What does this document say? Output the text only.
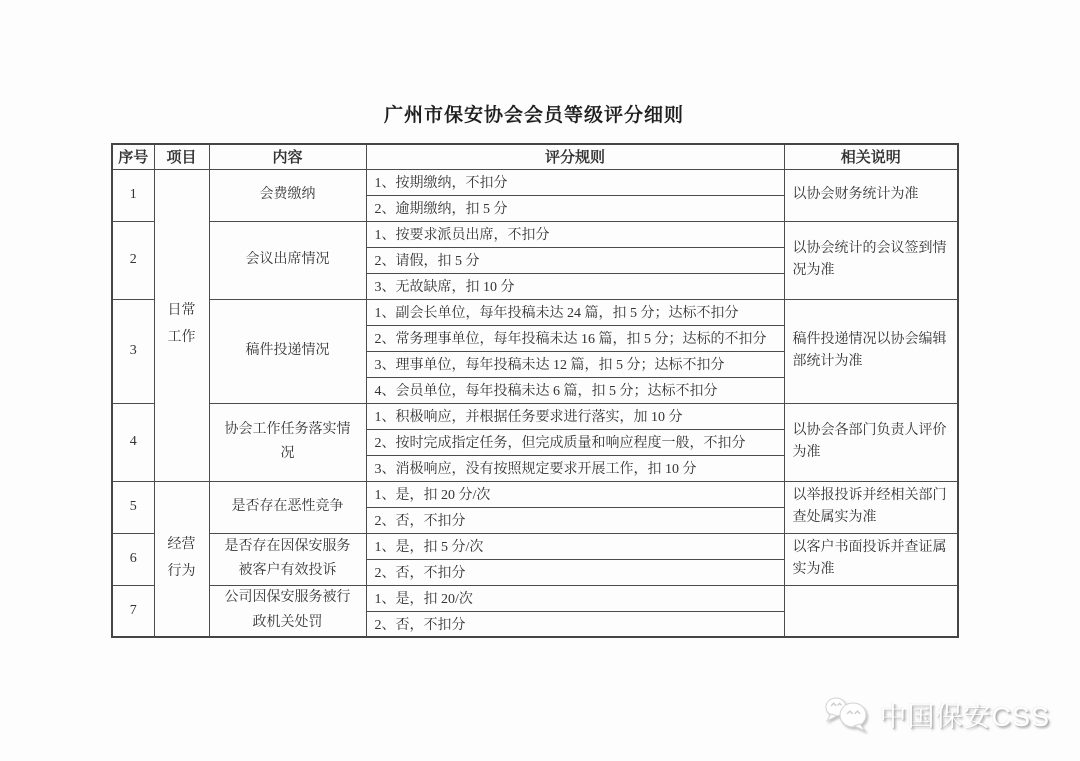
广州市保安协会会员等级评分细则
序号	项目	内容	评分规则	相关说明
1	日常工作	会费缴纳	1、按期缴纳，不扣分	以协会财务统计为准
			2、逾期缴纳，扣 5 分	
2		会议出席情况	1、按要求派员出席，不扣分	以协会统计的会议签到情况为准
			2、请假，扣 5 分	
			3、无故缺席，扣 10 分	
3		稿件投递情况	1、副会长单位，每年投稿未达 24 篇，扣 5 分；达标不扣分	稿件投递情况以协会编辑部统计为准
			2、常务理事单位，每年投稿未达 16 篇，扣 5 分；达标的不扣分	
			3、理事单位，每年投稿未达 12 篇，扣 5 分；达标不扣分	
			4、会员单位，每年投稿未达 6 篇，扣 5 分；达标不扣分	
4		协会工作任务落实情况	1、积极响应，并根据任务要求进行落实，加 10 分	以协会各部门负责人评价为准
			2、按时完成指定任务，但完成质量和响应程度一般，不扣分	
			3、消极响应，没有按照规定要求开展工作，扣 10 分	
5	经营行为	是否存在恶性竞争	1、是，扣 20 分/次	以举报投诉并经相关部门查处属实为准
			2、否，不扣分	
6		是否存在因保安服务被客户有效投诉	1、是，扣 5 分/次	以客户书面投诉并查证属实为准
			2、否，不扣分	
7		公司因保安服务被行政机关处罚	1、是，扣 20/次	
			2、否，不扣分	
中国保安CSS
